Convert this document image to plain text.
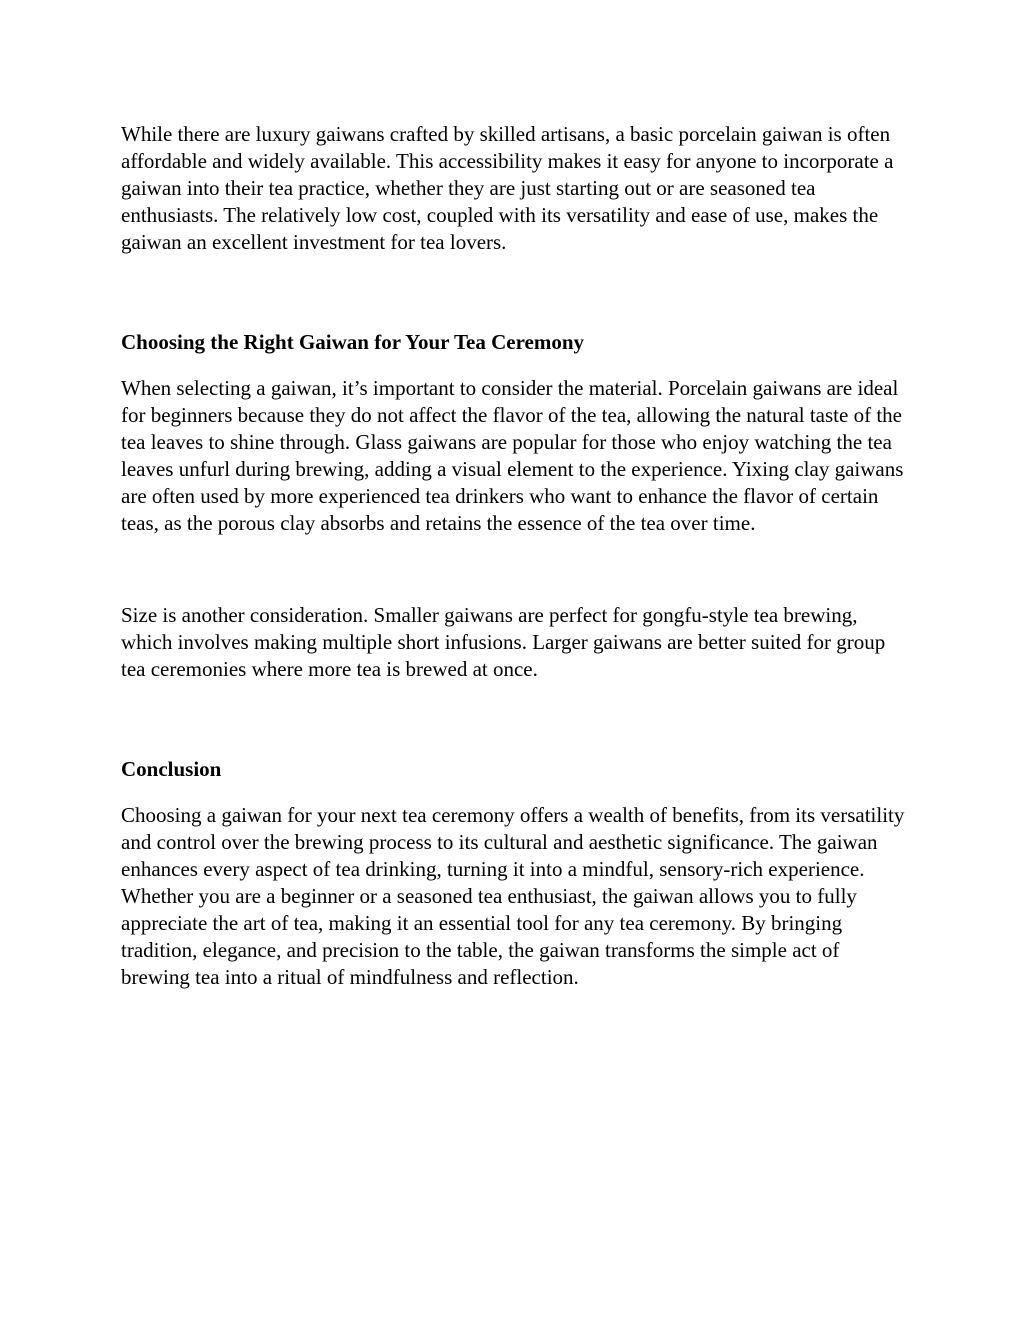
While there are luxury gaiwans crafted by skilled artisans, a basic porcelain gaiwan is often affordable and widely available. This accessibility makes it easy for anyone to incorporate a gaiwan into their tea practice, whether they are just starting out or are seasoned tea enthusiasts. The relatively low cost, coupled with its versatility and ease of use, makes the gaiwan an excellent investment for tea lovers.

Choosing the Right Gaiwan for Your Tea Ceremony

When selecting a gaiwan, it’s important to consider the material. Porcelain gaiwans are ideal for beginners because they do not affect the flavor of the tea, allowing the natural taste of the tea leaves to shine through. Glass gaiwans are popular for those who enjoy watching the tea leaves unfurl during brewing, adding a visual element to the experience. Yixing clay gaiwans are often used by more experienced tea drinkers who want to enhance the flavor of certain teas, as the porous clay absorbs and retains the essence of the tea over time.

Size is another consideration. Smaller gaiwans are perfect for gongfu-style tea brewing, which involves making multiple short infusions. Larger gaiwans are better suited for group tea ceremonies where more tea is brewed at once.

Conclusion

Choosing a gaiwan for your next tea ceremony offers a wealth of benefits, from its versatility and control over the brewing process to its cultural and aesthetic significance. The gaiwan enhances every aspect of tea drinking, turning it into a mindful, sensory-rich experience. Whether you are a beginner or a seasoned tea enthusiast, the gaiwan allows you to fully appreciate the art of tea, making it an essential tool for any tea ceremony. By bringing tradition, elegance, and precision to the table, the gaiwan transforms the simple act of brewing tea into a ritual of mindfulness and reflection.
